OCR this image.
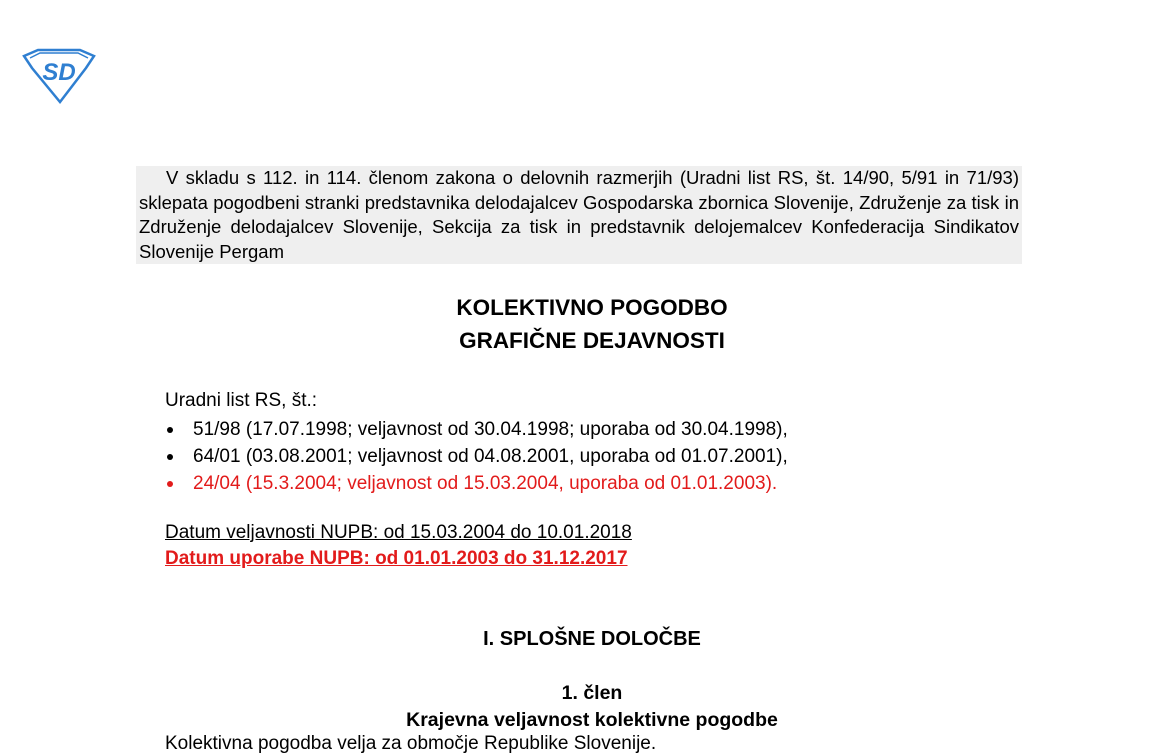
SD
V skladu s 112. in 114. členom zakona o delovnih razmerjih (Uradni list RS, št. 14/90, 5/91 in 71/93) sklepata pogodbeni stranki predstavnika delodajalcev Gospodarska zbornica Slovenije, Združenje za tisk in Združenje delodajalcev Slovenije, Sekcija za tisk in predstavnik delojemalcev Konfederacija Sindikatov Slovenije Pergam
KOLEKTIVNO POGODBO
GRAFIČNE DEJAVNOSTI
Uradni list RS, št.:
51/98 (17.07.1998; veljavnost od 30.04.1998; uporaba od 30.04.1998),
64/01 (03.08.2001; veljavnost od 04.08.2001, uporaba od 01.07.2001),
24/04 (15.3.2004; veljavnost od 15.03.2004, uporaba od 01.01.2003).
Datum veljavnosti NUPB: od 15.03.2004 do 10.01.2018
Datum uporabe NUPB: od 01.01.2003 do 31.12.2017
I. SPLOŠNE DOLOČBE
1. člen
Krajevna veljavnost kolektivne pogodbe
Kolektivna pogodba velja za območje Republike Slovenije.
